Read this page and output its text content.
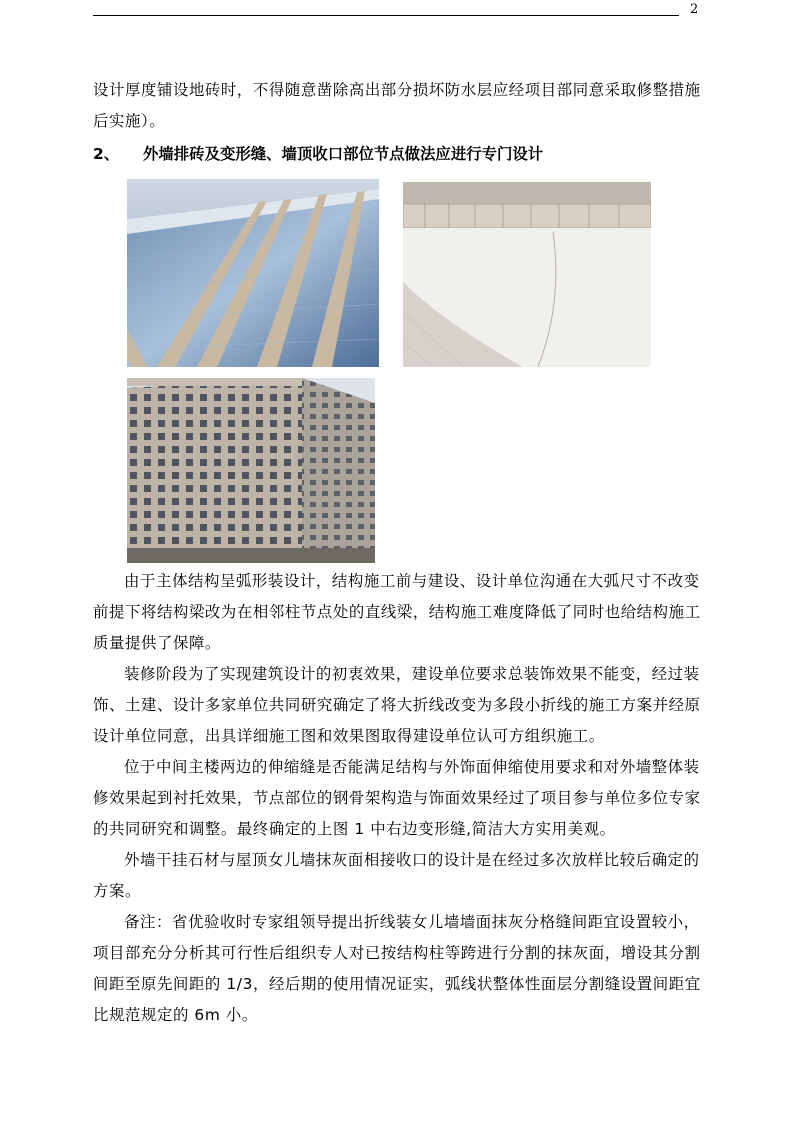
2
设计厚度铺设地砖时，不得随意凿除高出部分损坏防水层应经项目部同意采取修整措施
后实施）。
2、 外墙排砖及变形缝、墙顶收口部位节点做法应进行专门设计

由于主体结构呈弧形装设计，结构施工前与建设、设计单位沟通在大弧尺寸不改变前提下将结构梁改为在相邻柱节点处的直线梁，结构施工难度降低了同时也给结构施工质量提供了保障。

装修阶段为了实现建筑设计的初衷效果，建设单位要求总装饰效果不能变，经过装饰、土建、设计多家单位共同研究确定了将大折线改变为多段小折线的施工方案并经原设计单位同意，出具详细施工图和效果图取得建设单位认可方组织施工。

位于中间主楼两边的伸缩缝是否能满足结构与外饰面伸缩使用要求和对外墙整体装修效果起到衬托效果，节点部位的钢骨架构造与饰面效果经过了项目参与单位多位专家的共同研究和调整。最终确定的上图 1 中右边变形缝,简洁大方实用美观。

外墙干挂石材与屋顶女儿墙抹灰面相接收口的设计是在经过多次放样比较后确定的方案。

备注：省优验收时专家组领导提出折线装女儿墙墙面抹灰分格缝间距宜设置较小，项目部充分分析其可行性后组织专人对已按结构柱等跨进行分割的抹灰面，增设其分割间距至原先间距的 1/3，经后期的使用情况证实，弧线状整体性面层分割缝设置间距宜比规范规定的 6m 小。
